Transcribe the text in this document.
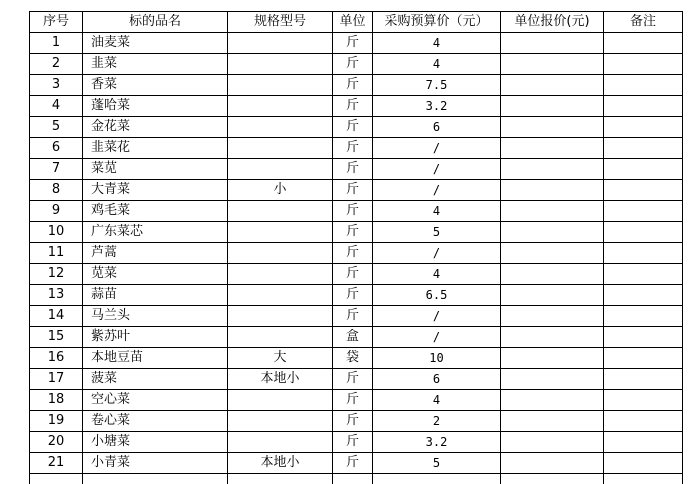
序号	标的品名	规格型号	单位	采购预算价（元）	单位报价(元)	备注
1	油麦菜		斤	4		
2	韭菜		斤	4		
3	香菜		斤	7.5		
4	蓬哈菜		斤	3.2		
5	金花菜		斤	6		
6	韭菜花		斤	/		
7	菜苋		斤	/		
8	大青菜	小	斤	/		
9	鸡毛菜		斤	4		
10	广东菜芯		斤	5		
11	芦蒿		斤	/		
12	苋菜		斤	4		
13	蒜苗		斤	6.5		
14	马兰头		斤	/		
15	紫苏叶		盒	/		
16	本地豆苗	大	袋	10		
17	菠菜	本地小	斤	6		
18	空心菜		斤	4		
19	卷心菜		斤	2		
20	小塘菜		斤	3.2		
21	小青菜	本地小	斤	5		
